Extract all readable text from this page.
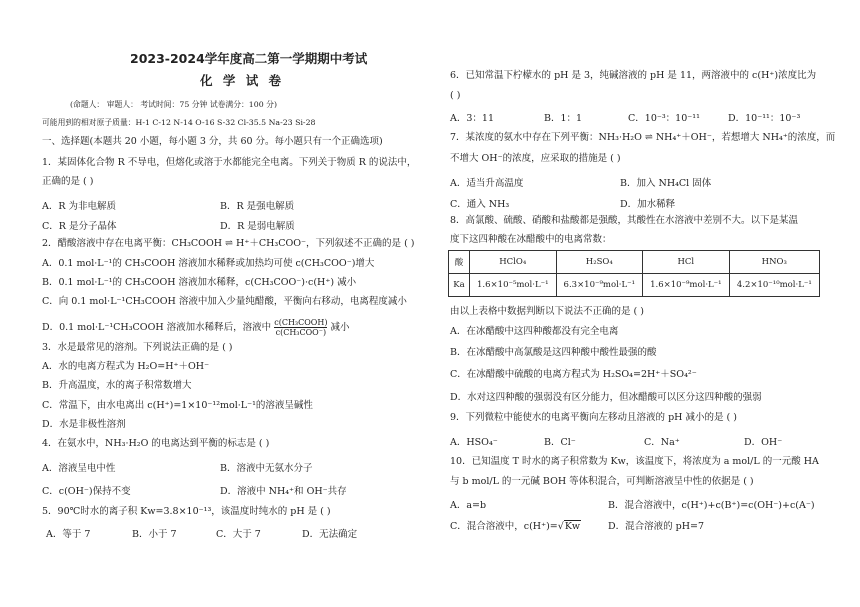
2023-2024学年度高二第一学期期中考试
化 学 试 卷
(命题人： 审题人： 考试时间：75 分钟 试卷满分：100 分)
可能用到的相对原子质量：H-1 C-12 N-14 O-16 S-32 Cl-35.5 Na-23 Si-28
一、选择题(本题共 20 小题，每小题 3 分，共 60 分。每小题只有一个正确选项)
1．某固体化合物 R 不导电，但熔化或溶于水都能完全电离。下列关于物质 R 的说法中，
正确的是 ( )
A．R 为非电解质	B．R 是强电解质
C．R 是分子晶体	D．R 是弱电解质
2．醋酸溶液中存在电离平衡：CH₃COOH ⇌ H⁺＋CH₃COO⁻，下列叙述不正确的是 ( )
A．0.1 mol·L⁻¹的 CH₃COOH 溶液加水稀释或加热均可使 c(CH₃COO⁻)增大
B．0.1 mol·L⁻¹的 CH₃COOH 溶液加水稀释，c(CH₃COO⁻)·c(H⁺) 减小
C．向 0.1 mol·L⁻¹CH₃COOH 溶液中加入少量纯醋酸，平衡向右移动，电离程度减小
D．0.1 mol·L⁻¹CH₃COOH 溶液加水稀释后，溶液中 $\frac{\text{c(CH₃COOH)}}{\text{c(CH₃COO⁻)}}$ 减小
3．水是最常见的溶剂。下列说法正确的是 ( )
A．水的电离方程式为 H₂O=H⁺＋OH⁻
B．升高温度，水的离子积常数增大
C．常温下，由水电离出 c(H⁺)=1×10⁻¹²mol·L⁻¹的溶液呈碱性
D．水是非极性溶剂
4．在氨水中，NH₃·H₂O 的电离达到平衡的标志是 ( )
A．溶液呈电中性	B．溶液中无氨水分子
C．c(OH⁻)保持不变	D．溶液中 NH₄⁺和 OH⁻共存
5．90℃时水的离子积 Kw=3.8×10⁻¹³，该温度时纯水的 pH 是 ( )
A．等于 7	B．小于 7	C．大于 7	D．无法确定
6．已知常温下柠檬水的 pH 是 3，纯碱溶液的 pH 是 11，两溶液中的 c(H⁺)浓度比为
( )
A．3：11	B．1：1	C．10⁻³：10⁻¹¹	D．10⁻¹¹：10⁻³
7．某浓度的氨水中存在下列平衡：NH₃·H₂O ⇌ NH₄⁺＋OH⁻，若想增大 NH₄⁺的浓度，而
不增大 OH⁻的浓度，应采取的措施是 ( )
A．适当升高温度	B．加入 NH₄Cl 固体
C．通入 NH₃	D．加水稀释
8．高氯酸、硫酸、硝酸和盐酸都是强酸，其酸性在水溶液中差别不大。以下是某温
度下这四种酸在冰醋酸中的电离常数：
酸	HClO₄	H₂SO₄	HCl	HNO₃
Ka	1.6×10⁻⁵mol·L⁻¹	6.3×10⁻⁹mol·L⁻¹	1.6×10⁻⁹mol·L⁻¹	4.2×10⁻¹⁰mol·L⁻¹
由以上表格中数据判断以下说法不正确的是 ( )
A．在冰醋酸中这四种酸都没有完全电离
B．在冰醋酸中高氯酸是这四种酸中酸性最强的酸
C．在冰醋酸中硫酸的电离方程式为 H₂SO₄=2H⁺＋SO₄²⁻
D．水对这四种酸的强弱没有区分能力，但冰醋酸可以区分这四种酸的强弱
9．下列微粒中能使水的电离平衡向左移动且溶液的 pH 减小的是 ( )
A．HSO₄⁻	B．Cl⁻	C．Na⁺	D．OH⁻
10．已知温度 T 时水的离子积常数为 Kw，该温度下，将浓度为 a mol/L 的一元酸 HA
与 b mol/L 的一元碱 BOH 等体积混合，可判断溶液呈中性的依据是 ( )
A．a=b	B．混合溶液中，c(H⁺)+c(B⁺)=c(OH⁻)+c(A⁻)
C．混合溶液中，c(H⁺)=√Kw	D．混合溶液的 pH=7
